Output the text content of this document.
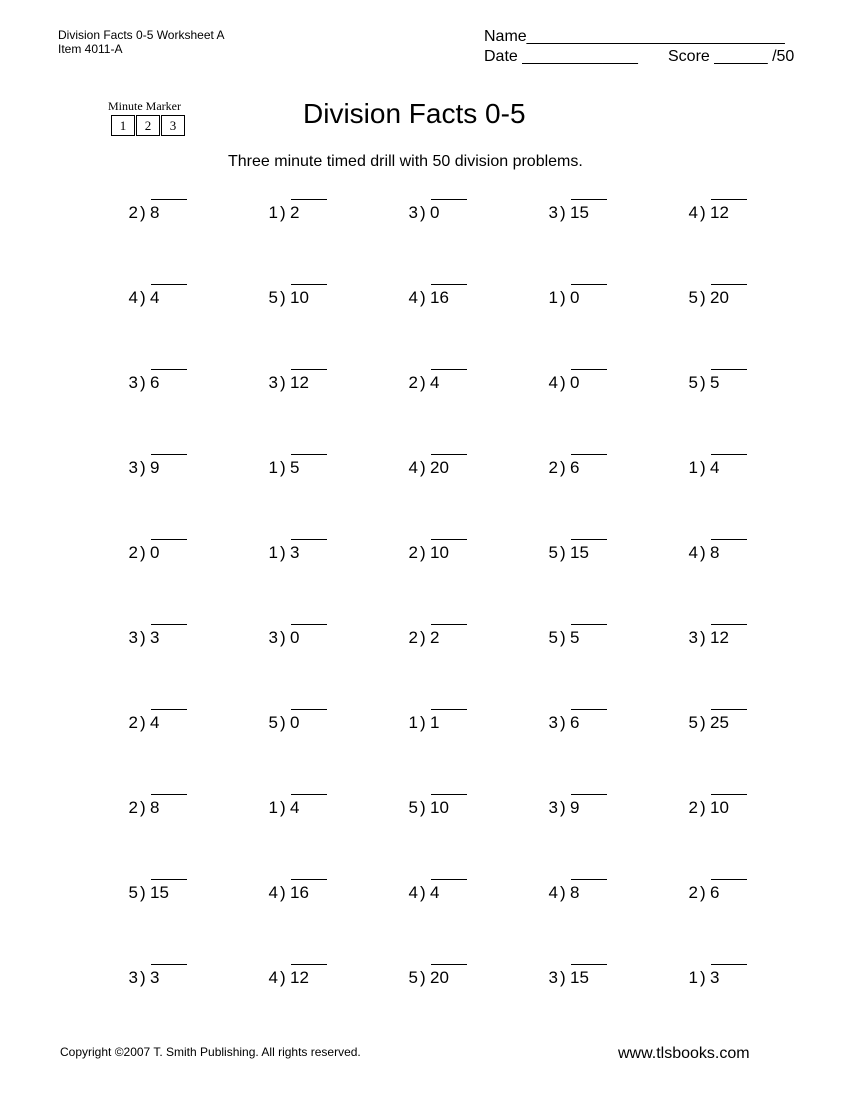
Division Facts 0-5 Worksheet A
Item 4011-A
Name_____________________________
Date _____________ Score ______ /50
Minute Marker
1	2	3	Division Facts 0-5
Three minute timed drill with 50 division problems.
2 ) 8	1 ) 2	3 ) 0	3 ) 15	4 ) 12
4 ) 4	5 ) 10	4 ) 16	1 ) 0	5 ) 20
3 ) 6	3 ) 12	2 ) 4	4 ) 0	5 ) 5
3 ) 9	1 ) 5	4 ) 20	2 ) 6	1 ) 4
2 ) 0	1 ) 3	2 ) 10	5 ) 15	4 ) 8
3 ) 3	3 ) 0	2 ) 2	5 ) 5	3 ) 12
2 ) 4	5 ) 0	1 ) 1	3 ) 6	5 ) 25
2 ) 8	1 ) 4	5 ) 10	3 ) 9	2 ) 10
5 ) 15	4 ) 16	4 ) 4	4 ) 8	2 ) 6
3 ) 3	4 ) 12	5 ) 20	3 ) 15	1 ) 3
Copyright ©2007 T. Smith Publishing. All rights reserved.	www.tlsbooks.com
